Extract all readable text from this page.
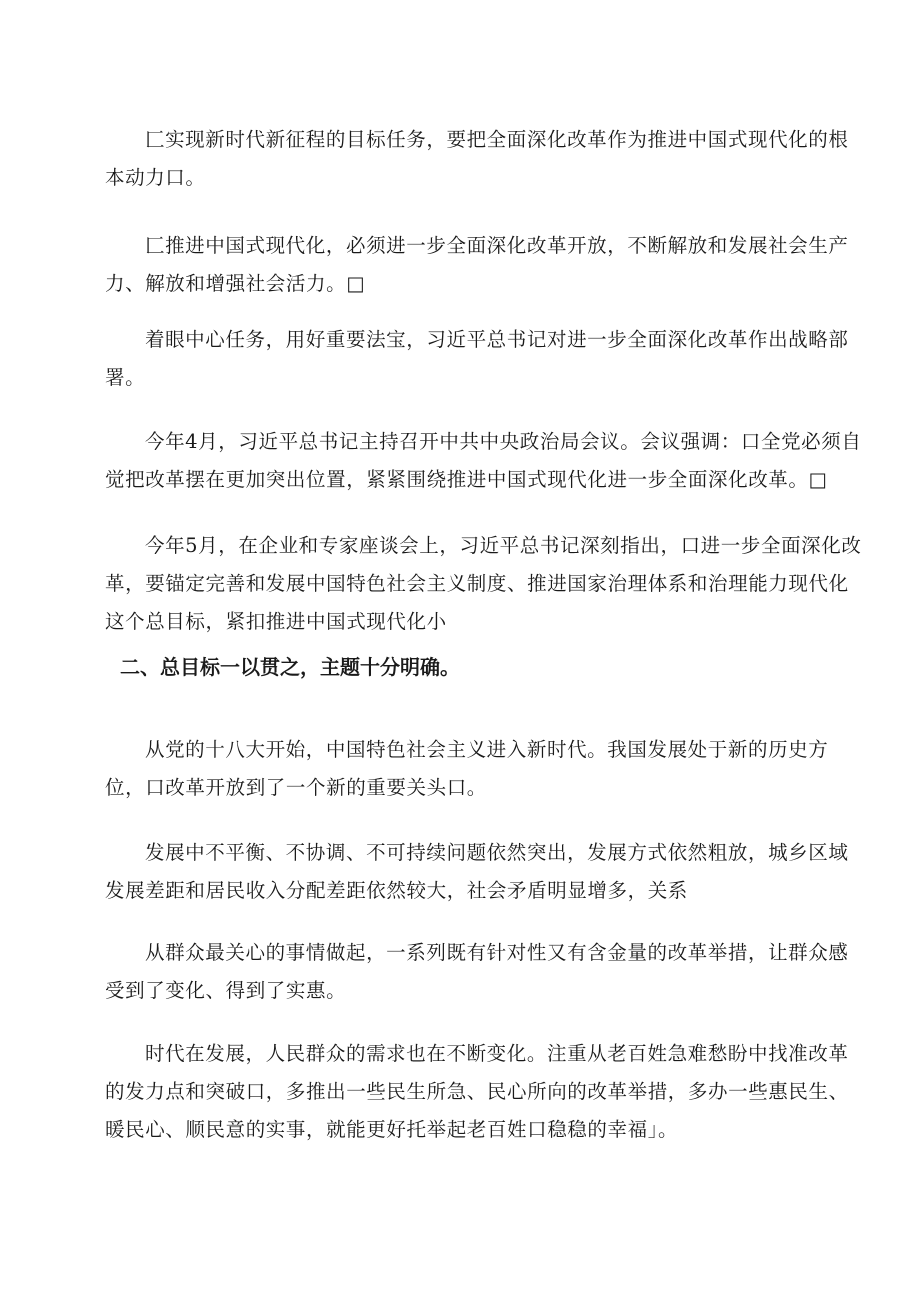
匚实现新时代新征程的目标任务，要把全面深化改革作为推进中国式现代化的根本动力口。

匚推进中国式现代化，必须进一步全面深化改革开放，不断解放和发展社会生产力、解放和增强社会活力。□

着眼中心任务，用好重要法宝，习近平总书记对进一步全面深化改革作出战略部署。

今年4月，习近平总书记主持召开中共中央政治局会议。会议强调：口全党必须自觉把改革摆在更加突出位置，紧紧围绕推进中国式现代化进一步全面深化改革。□

今年5月，在企业和专家座谈会上，习近平总书记深刻指出，口进一步全面深化改革，要锚定完善和发展中国特色社会主义制度、推进国家治理体系和治理能力现代化这个总目标，紧扣推进中国式现代化小

二、总目标一以贯之，主题十分明确。

从党的十八大开始，中国特色社会主义进入新时代。我国发展处于新的历史方位，口改革开放到了一个新的重要关头口。

发展中不平衡、不协调、不可持续问题依然突出，发展方式依然粗放，城乡区域发展差距和居民收入分配差距依然较大，社会矛盾明显增多，关系

从群众最关心的事情做起，一系列既有针对性又有含金量的改革举措，让群众感受到了变化、得到了实惠。

时代在发展，人民群众的需求也在不断变化。注重从老百姓急难愁盼中找准改革的发力点和突破口，多推出一些民生所急、民心所向的改革举措，多办一些惠民生、暖民心、顺民意的实事，就能更好托举起老百姓口稳稳的幸福」。
